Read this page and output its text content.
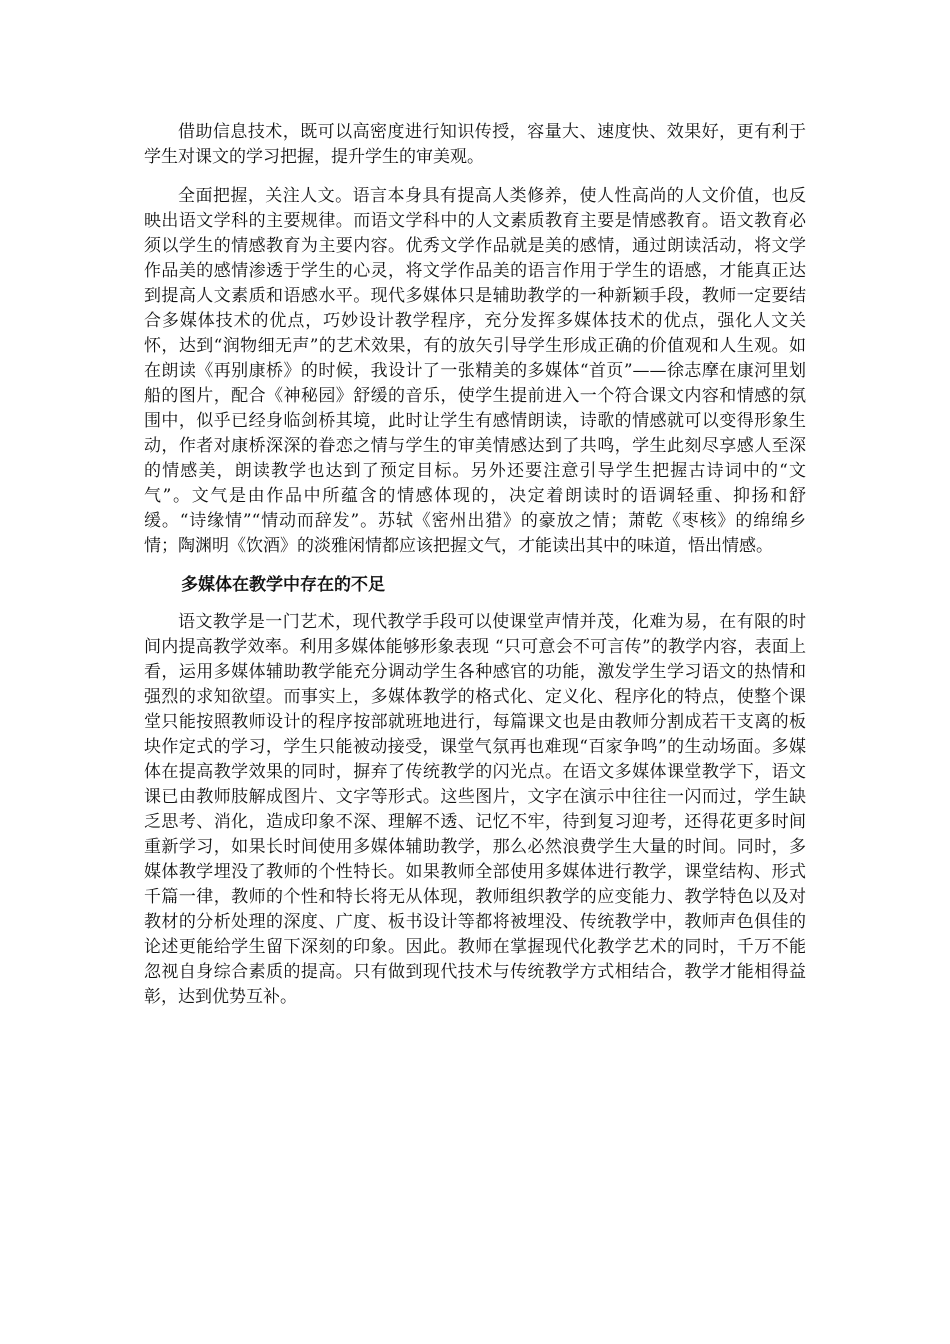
借助信息技术，既可以高密度进行知识传授，容量大、速度快、效果好，更有利于学生对课文的学习把握，提升学生的审美观。

全面把握，关注人文。语言本身具有提高人类修养，使人性高尚的人文价值，也反映出语文学科的主要规律。而语文学科中的人文素质教育主要是情感教育。语文教育必须以学生的情感教育为主要内容。优秀文学作品就是美的感情，通过朗读活动，将文学作品美的感情渗透于学生的心灵，将文学作品美的语言作用于学生的语感，才能真正达到提高人文素质和语感水平。现代多媒体只是辅助教学的一种新颖手段，教师一定要结合多媒体技术的优点，巧妙设计教学程序，充分发挥多媒体技术的优点，强化人文关怀，达到“润物细无声”的艺术效果，有的放矢引导学生形成正确的价值观和人生观。如在朗读《再别康桥》的时候，我设计了一张精美的多媒体“首页”——徐志摩在康河里划船的图片，配合《神秘园》舒缓的音乐，使学生提前进入一个符合课文内容和情感的氛围中，似乎已经身临剑桥其境，此时让学生有感情朗读，诗歌的情感就可以变得形象生动，作者对康桥深深的眷恋之情与学生的审美情感达到了共鸣，学生此刻尽享感人至深的情感美，朗读教学也达到了预定目标。另外还要注意引导学生把握古诗词中的“文气”。文气是由作品中所蕴含的情感体现的，决定着朗读时的语调轻重、抑扬和舒缓。“诗缘情”“情动而辞发”。苏轼《密州出猎》的豪放之情；萧乾《枣核》的绵绵乡情；陶渊明《饮酒》的淡雅闲情都应该把握文气，才能读出其中的味道，悟出情感。

多媒体在教学中存在的不足

语文教学是一门艺术，现代教学手段可以使课堂声情并茂，化难为易，在有限的时间内提高教学效率。利用多媒体能够形象表现 “只可意会不可言传”的教学内容，表面上看，运用多媒体辅助教学能充分调动学生各种感官的功能，激发学生学习语文的热情和强烈的求知欲望。而事实上，多媒体教学的格式化、定义化、程序化的特点，使整个课堂只能按照教师设计的程序按部就班地进行，每篇课文也是由教师分割成若干支离的板块作定式的学习，学生只能被动接受，课堂气氛再也难现“百家争鸣”的生动场面。多媒体在提高教学效果的同时，摒弃了传统教学的闪光点。在语文多媒体课堂教学下，语文课已由教师肢解成图片、文字等形式。这些图片，文字在演示中往往一闪而过，学生缺乏思考、消化，造成印象不深、理解不透、记忆不牢，待到复习迎考，还得花更多时间重新学习，如果长时间使用多媒体辅助教学，那么必然浪费学生大量的时间。同时，多媒体教学埋没了教师的个性特长。如果教师全部使用多媒体进行教学，课堂结构、形式千篇一律，教师的个性和特长将无从体现，教师组织教学的应变能力、教学特色以及对教材的分析处理的深度、广度、板书设计等都将被埋没、传统教学中，教师声色俱佳的论述更能给学生留下深刻的印象。因此。教师在掌握现代化教学艺术的同时，千万不能忽视自身综合素质的提高。只有做到现代技术与传统教学方式相结合，教学才能相得益彰，达到优势互补。
